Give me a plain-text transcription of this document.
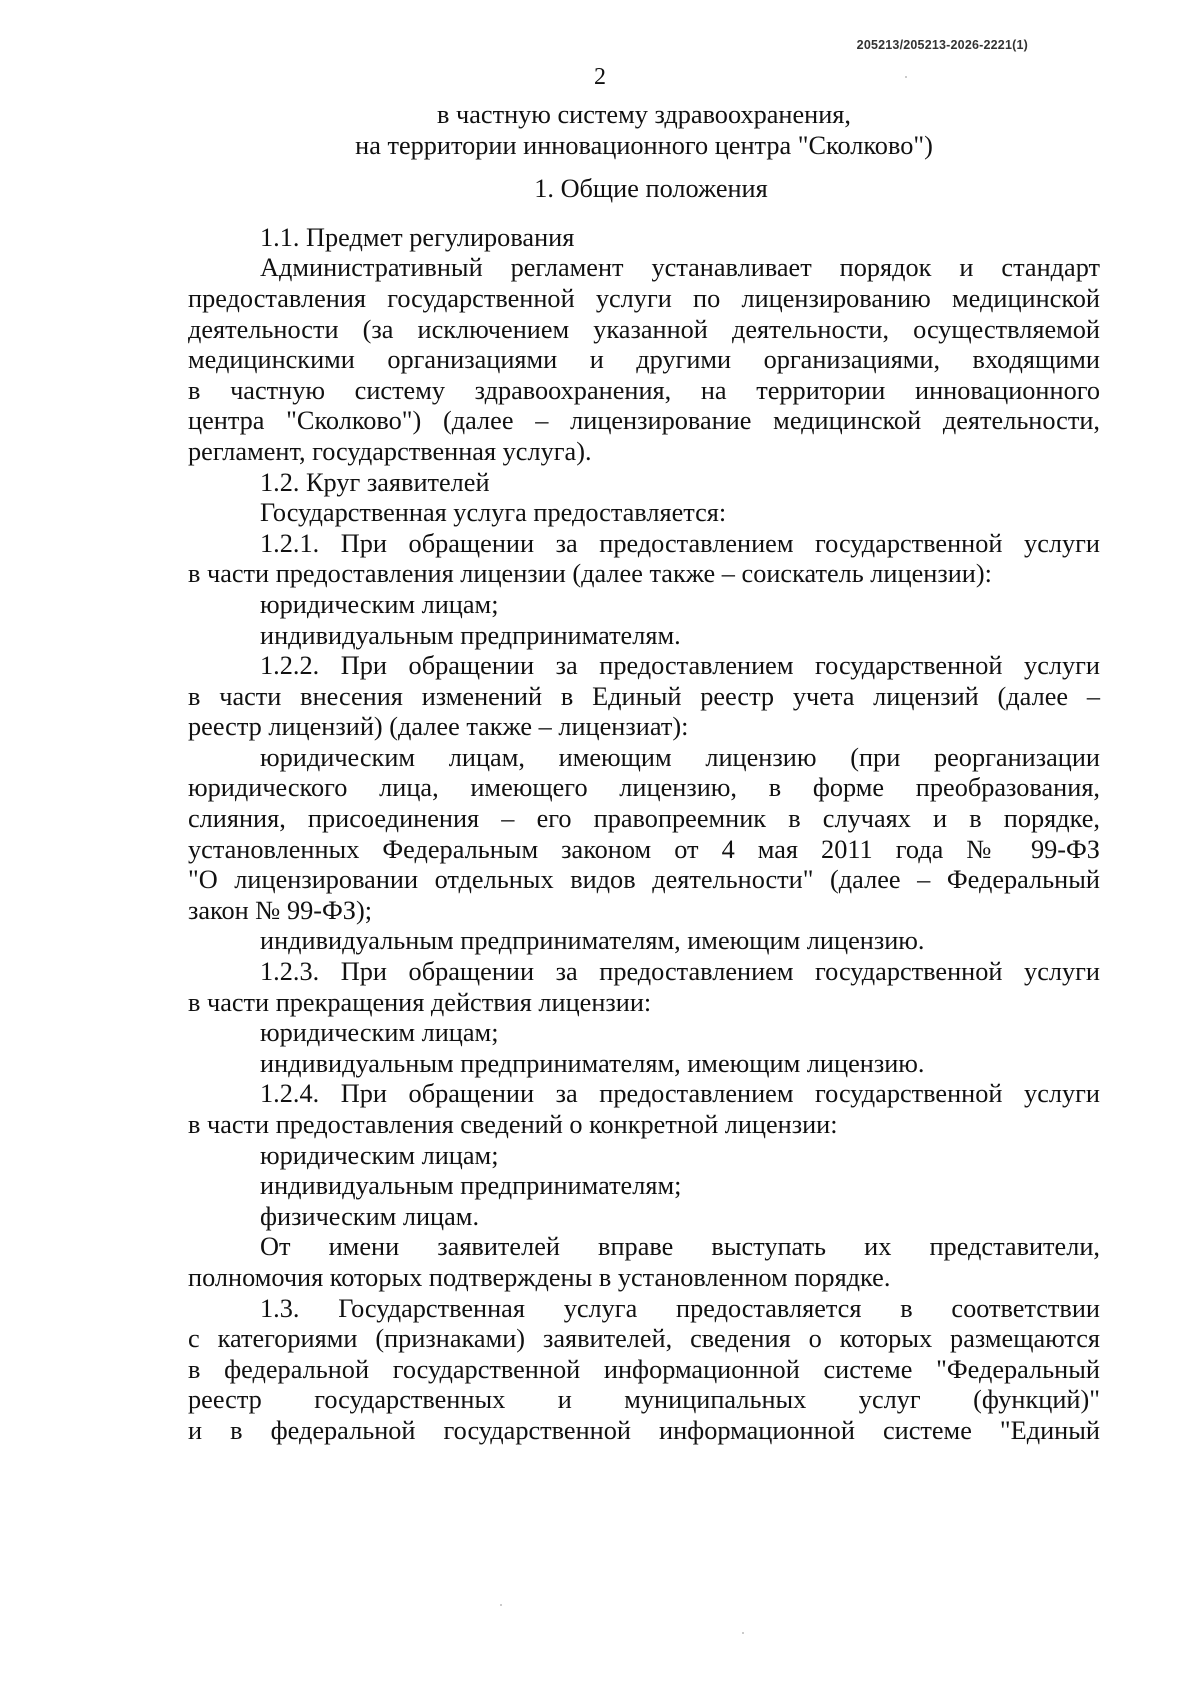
205213/205213-2026-2221(1)
2

в частную систему здравоохранения,

на территории инновационного центра "Сколково")

1. Общие положения

1.1. Предмет регулирования

Административный регламент устанавливает порядок и стандарт

предоставления государственной услуги по лицензированию медицинской

деятельности (за исключением указанной деятельности, осуществляемой

медицинскими организациями и другими организациями, входящими

в частную систему здравоохранения, на территории инновационного

центра "Сколково") (далее – лицензирование медицинской деятельности,

регламент, государственная услуга).

1.2. Круг заявителей

Государственная услуга предоставляется:

1.2.1. При обращении за предоставлением государственной услуги

в части предоставления лицензии (далее также – соискатель лицензии):

юридическим лицам;

индивидуальным предпринимателям.

1.2.2. При обращении за предоставлением государственной услуги

в части внесения изменений в Единый реестр учета лицензий (далее –

реестр лицензий) (далее также – лицензиат):

юридическим лицам, имеющим лицензию (при реорганизации

юридического лица, имеющего лицензию, в форме преобразования,

слияния, присоединения – его правопреемник в случаях и в порядке,

установленных Федеральным законом от 4 мая 2011 года № 99-ФЗ

"О лицензировании отдельных видов деятельности" (далее – Федеральный

закон № 99-ФЗ);

индивидуальным предпринимателям, имеющим лицензию.

1.2.3. При обращении за предоставлением государственной услуги

в части прекращения действия лицензии:

юридическим лицам;

индивидуальным предпринимателям, имеющим лицензию.

1.2.4. При обращении за предоставлением государственной услуги

в части предоставления сведений о конкретной лицензии:

юридическим лицам;

индивидуальным предпринимателям;

физическим лицам.

От имени заявителей вправе выступать их представители,

полномочия которых подтверждены в установленном порядке.

1.3. Государственная услуга предоставляется в соответствии

с категориями (признаками) заявителей, сведения о которых размещаются

в федеральной государственной информационной системе "Федеральный

реестр государственных и муниципальных услуг (функций)"

и в федеральной государственной информационной системе "Единый
